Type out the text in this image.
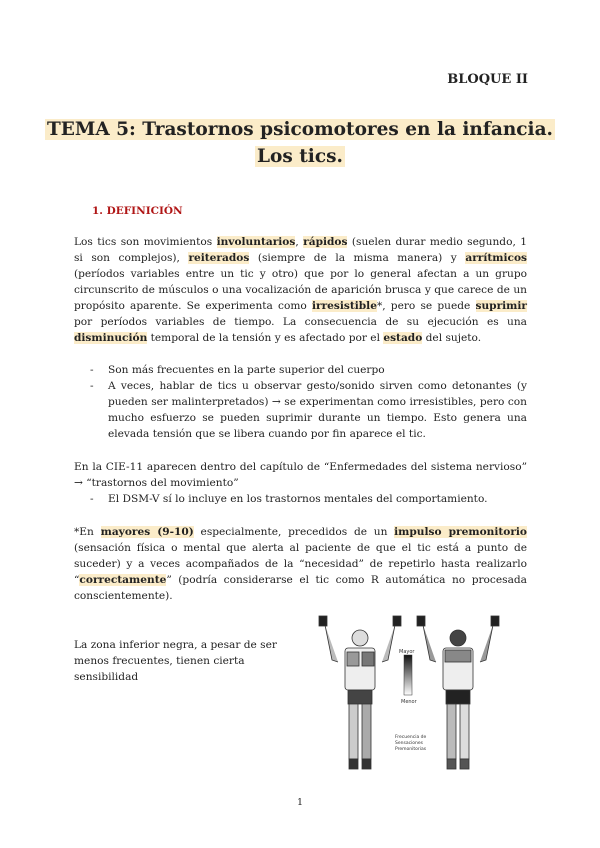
BLOQUE II
TEMA 5: Trastornos psicomotores en la infancia.
Los tics.
1. DEFINICIÓN

Los tics son movimientos involuntarios, rápidos (suelen durar medio segundo, 1 si son complejos), reiterados (siempre de la misma manera) y arrítmicos (períodos variables entre un tic y otro) que por lo general afectan a un grupo circunscrito de músculos o una vocalización de aparición brusca y que carece de un propósito aparente. Se experimenta como irresistible*, pero se puede suprimir por períodos variables de tiempo. La consecuencia de su ejecución es una disminución temporal de la tensión y es afectado por el estado del sujeto.

- Son más frecuentes en la parte superior del cuerpo
- A veces, hablar de tics u observar gesto/sonido sirven como detonantes (y pueden ser malinterpretados) → se experimentan como irresistibles, pero con mucho esfuerzo se pueden suprimir durante un tiempo. Esto genera una elevada tensión que se libera cuando por fin aparece el tic.

En la CIE-11 aparecen dentro del capítulo de “Enfermedades del sistema nervioso” → “trastornos del movimiento”

- El DSM-V sí lo incluye en los trastornos mentales del comportamiento.

*En mayores (9-10) especialmente, precedidos de un impulso premonitorio (sensación física o mental que alerta al paciente de que el tic está a punto de suceder) y a veces acompañados de la “necesidad” de repetirlo hasta realizarlo “correctamente” (podría considerarse el tic como R automática no procesada conscientemente).

La zona inferior negra, a pesar de ser menos frecuentes, tienen cierta sensibilidad
Mayor
Menor
Frecuencia de
Sensaciones
Premonitorias
1
